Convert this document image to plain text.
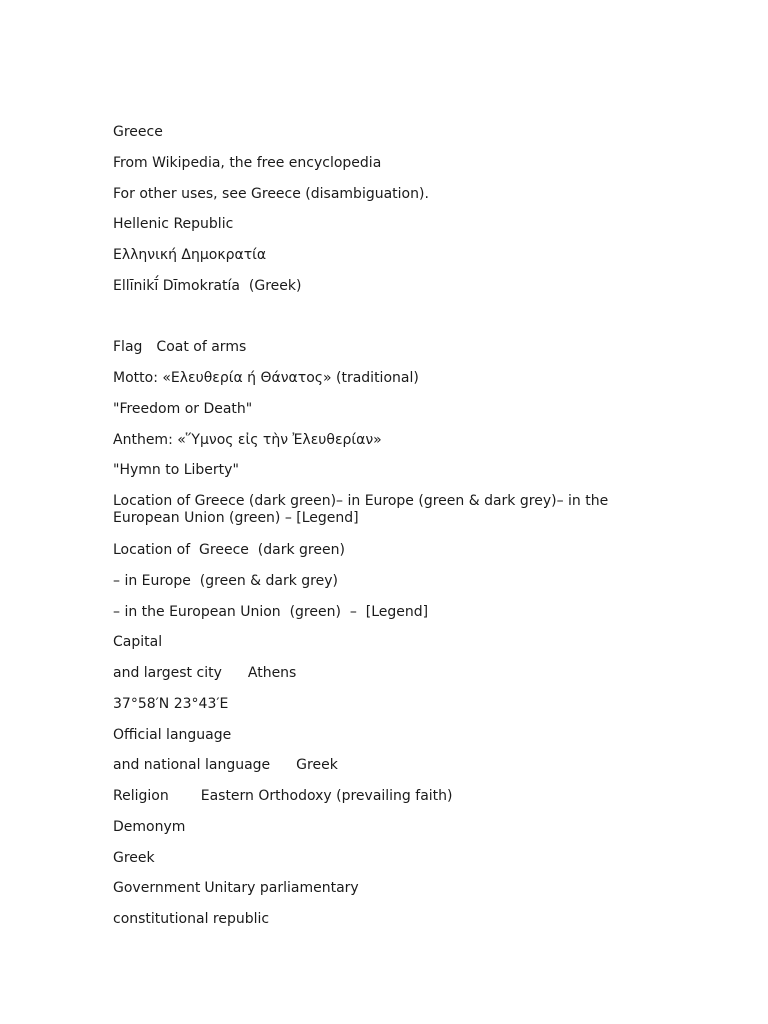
Greece
From Wikipedia, the free encyclopedia
For other uses, see Greece (disambiguation).
Hellenic Republic
Ελληνική Δημοκρατία
Ellīnikī́ Dīmokratía  (Greek)
Flag Coat of arms
Motto: «Ελευθερία ή Θάνατος» (traditional)
"Freedom or Death"
Anthem: «Ὕμνος εἰς τὴν Ἐλευθερίαν»
"Hymn to Liberty"
Location of Greece (dark green)– in Europe (green & dark grey)– in the European Union (green) – [Legend]
Location of  Greece  (dark green)
– in Europe  (green & dark grey)
– in the European Union  (green)  –  [Legend]
Capital
and largest city Athens
37°58′N 23°43′E
Official language
and national language Greek
Religion Eastern Orthodoxy (prevailing faith)
Demonym
Greek
Government Unitary parliamentary
constitutional republic
